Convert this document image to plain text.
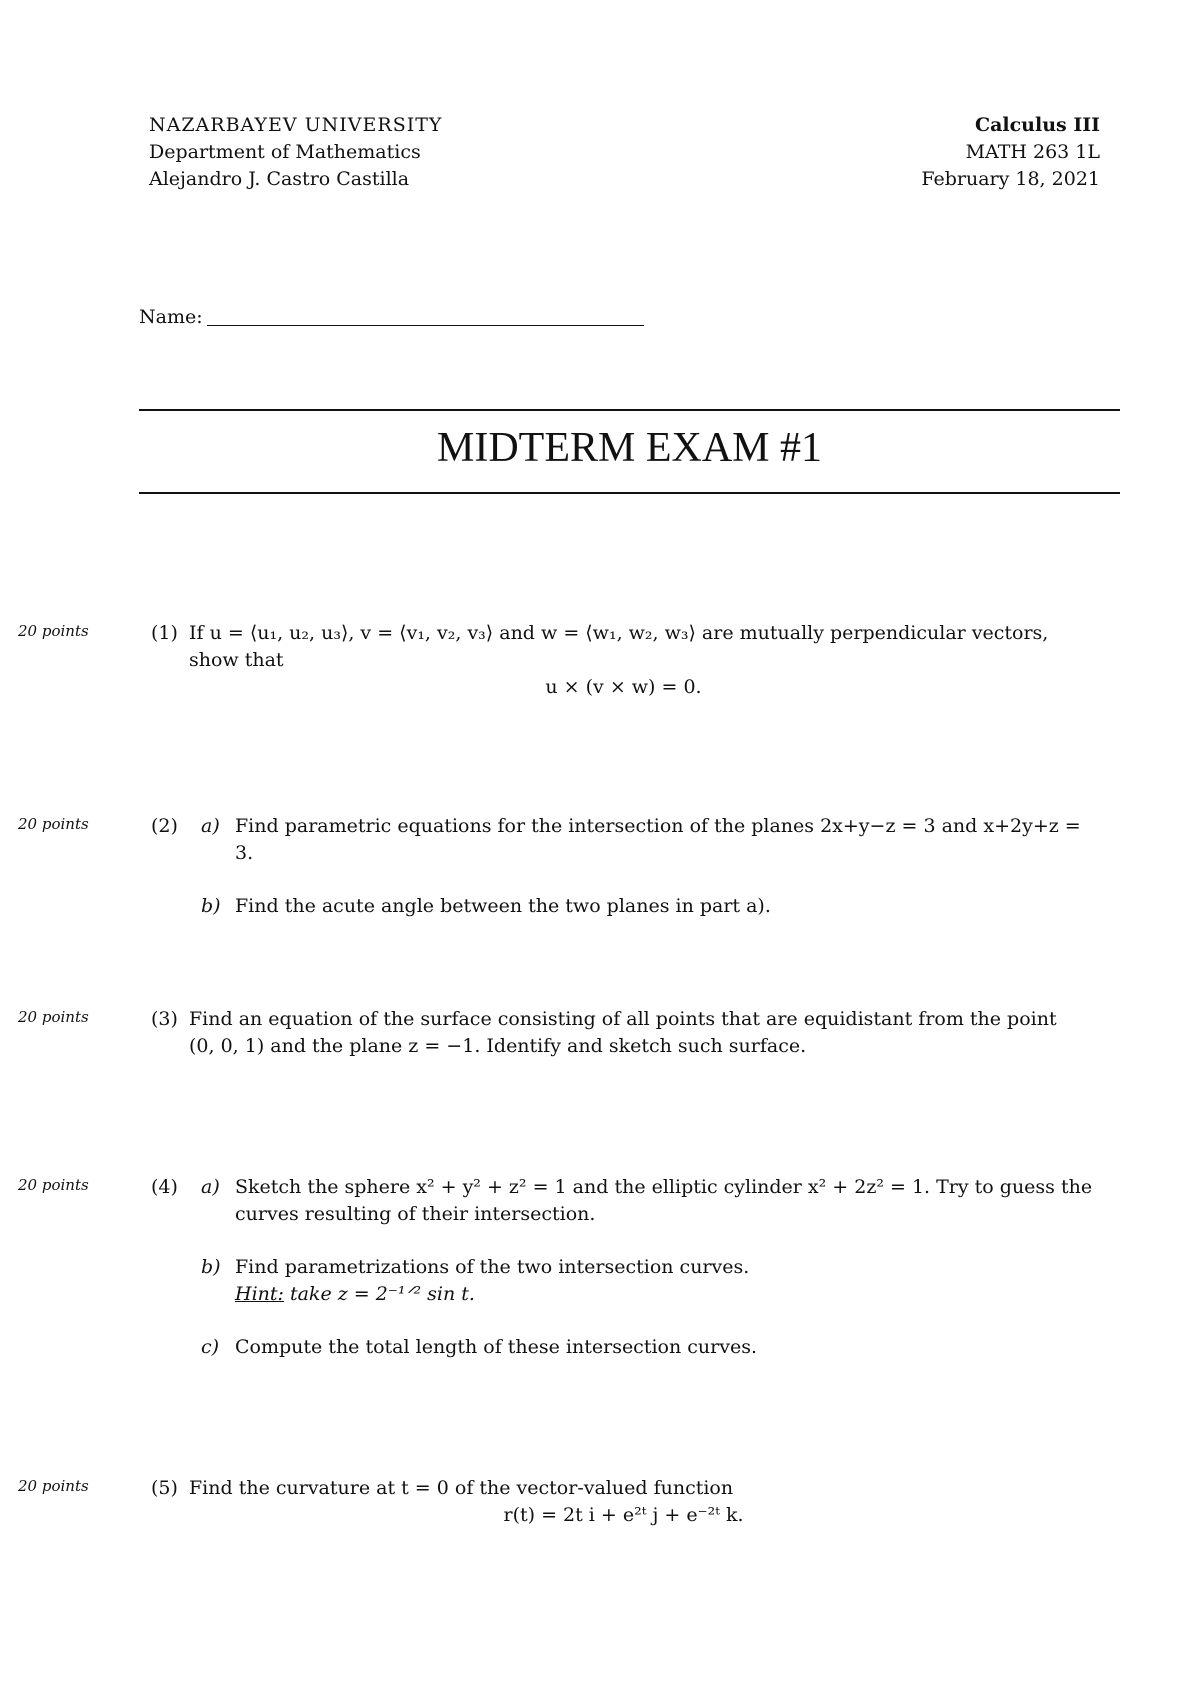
NAZARBAYEV UNIVERSITY
Department of Mathematics
Alejandro J. Castro Castilla
Calculus III
MATH 263 1L
February 18, 2021
Name:
MIDTERM EXAM #1
20 points	(1) If u = ⟨u₁, u₂, u₃⟩, v = ⟨v₁, v₂, v₃⟩ and w = ⟨w₁, w₂, w₃⟩ are mutually perpendicular vectors,
show that
u × (v × w) = 0.
20 points	(2) a) Find parametric equations for the intersection of the planes 2x+y−z = 3 and x+2y+z = 3.
b) Find the acute angle between the two planes in part a).
20 points	(3) Find an equation of the surface consisting of all points that are equidistant from the point
(0, 0, 1) and the plane z = −1. Identify and sketch such surface.
20 points	(4) a) Sketch the sphere x² + y² + z² = 1 and the elliptic cylinder x² + 2z² = 1. Try to guess the
curves resulting of their intersection.
b) Find parametrizations of the two intersection curves.
Hint: take z = 2⁻¹ᐟ² sin t.
c) Compute the total length of these intersection curves.
20 points	(5) Find the curvature at t = 0 of the vector-valued function
r(t) = 2t i + e²ᵗ j + e⁻²ᵗ k.
